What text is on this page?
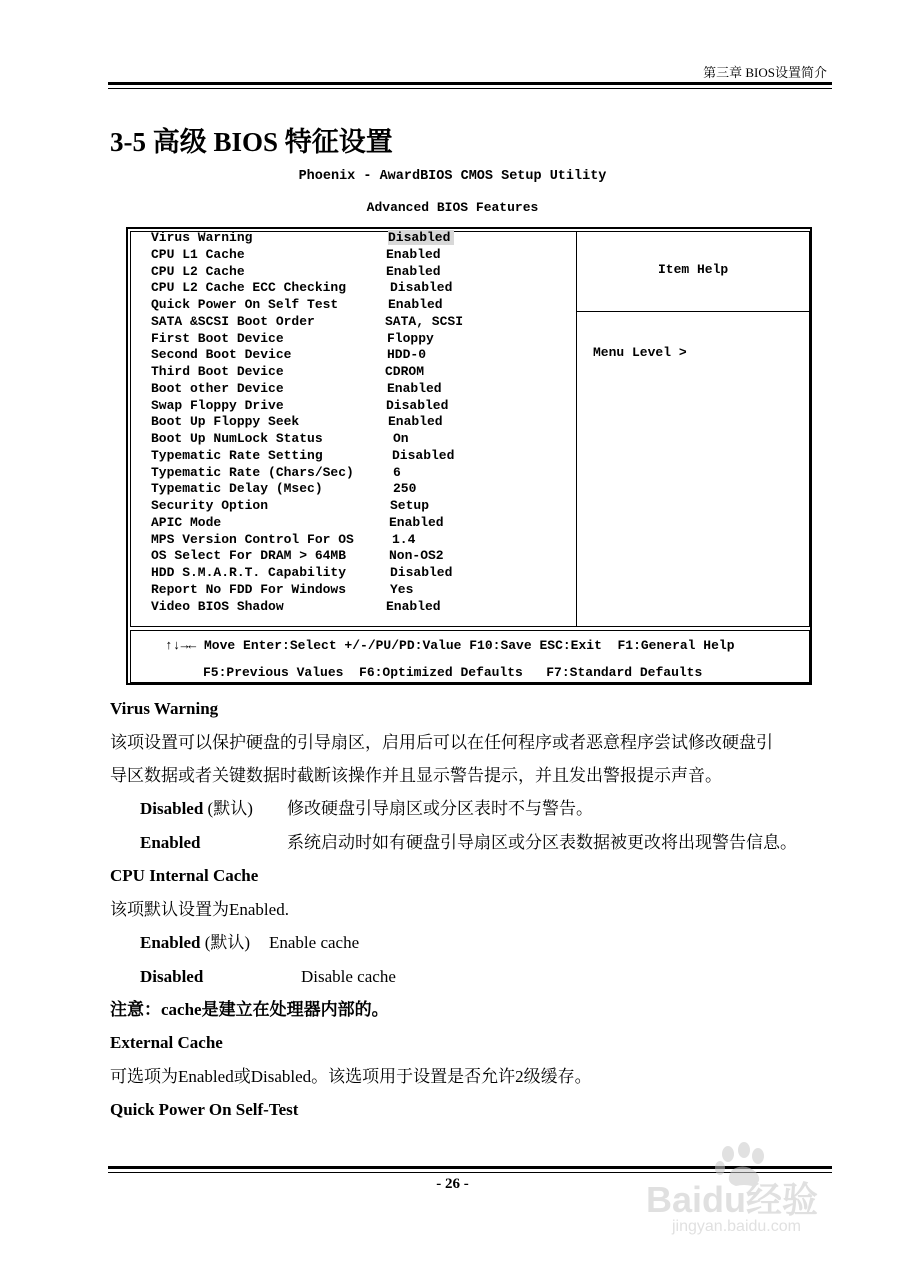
第三章 BIOS设置简介
3-5 高级 BIOS 特征设置
Phoenix - AwardBIOS CMOS Setup Utility
Advanced BIOS Features
Virus Warning	Disabled
CPU L1 Cache	Enabled
CPU L2 Cache	Enabled
CPU L2 Cache ECC Checking	Disabled
Quick Power On Self Test	Enabled
SATA &SCSI Boot Order	SATA, SCSI
First Boot Device	Floppy
Second Boot Device	HDD-0
Third Boot Device	CDROM
Boot other Device	Enabled
Swap Floppy Drive	Disabled
Boot Up Floppy Seek	Enabled
Boot Up NumLock Status	On
Typematic Rate Setting	Disabled
Typematic Rate (Chars/Sec)	6
Typematic Delay (Msec)	250
Security Option	Setup
APIC Mode	Enabled
MPS Version Control For OS	1.4
OS Select For DRAM > 64MB	Non-OS2
HDD S.M.A.R.T. Capability	Disabled
Report No FDD For Windows	Yes
Video BIOS Shadow	Enabled
Item Help
Menu Level >
↑↓→← Move Enter:Select +/-/PU/PD:Value F10:Save ESC:Exit  F1:General Help
F5:Previous Values  F6:Optimized Defaults   F7:Standard Defaults
Virus Warning
该项设置可以保护硬盘的引导扇区，启用后可以在任何程序或者恶意程序尝试修改硬盘引
导区数据或者关键数据时截断该操作并且显示警告提示，并且发出警报提示声音。
Disabled (默认) 修改硬盘引导扇区或分区表时不与警告。
Enabled	系统启动时如有硬盘引导扇区或分区表数据被更改将出现警告信息。
CPU Internal Cache
该项默认设置为Enabled.
Enabled (默认) Enable cache
Disabled	Disable cache
注意：cache是建立在处理器内部的。
External Cache
可选项为Enabled或Disabled。该选项用于设置是否允许2级缓存。
Quick Power On Self-Test
- 26 -	Baidu经验
jingyan.baidu.com
